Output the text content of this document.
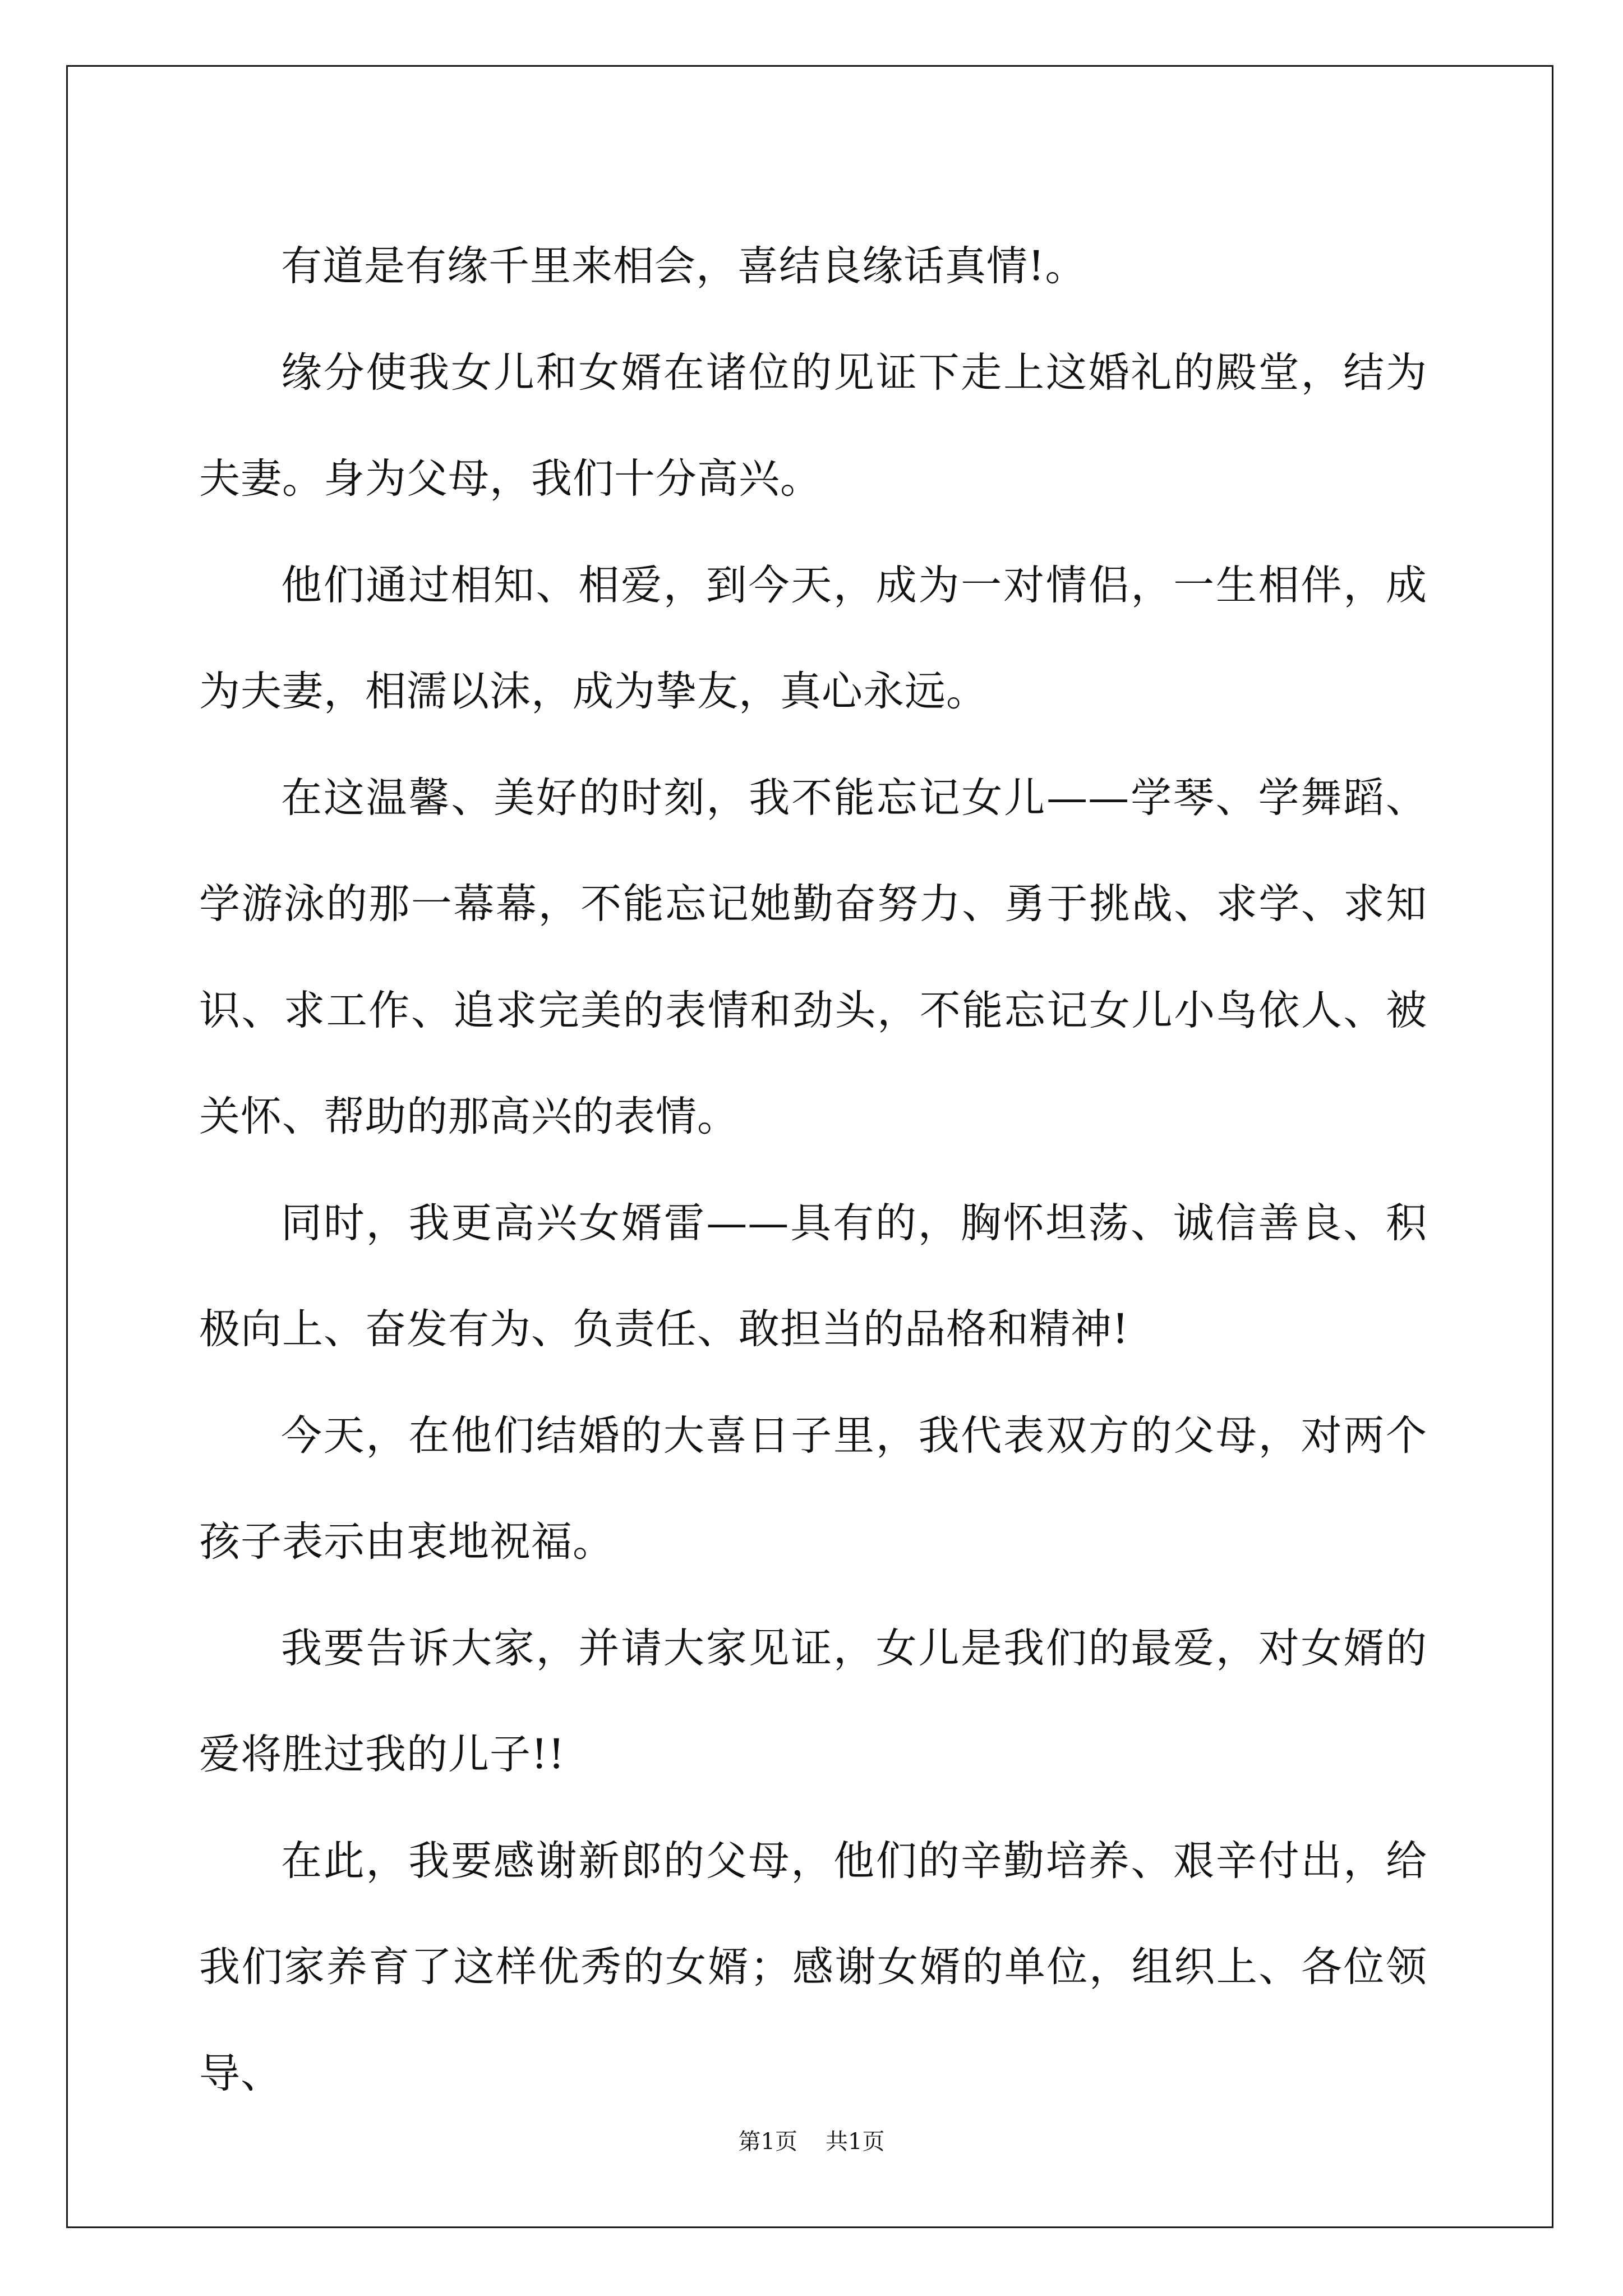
有道是有缘千里来相会，喜结良缘话真情!。

缘分使我女儿和女婿在诸位的见证下走上这婚礼的殿堂，结为夫妻。身为父母，我们十分高兴。

他们通过相知、相爱，到今天，成为一对情侣，一生相伴，成为夫妻，相濡以沫，成为挚友，真心永远。

在这温馨、美好的时刻，我不能忘记女儿——学琴、学舞蹈、学游泳的那一幕幕，不能忘记她勤奋努力、勇于挑战、求学、求知识、求工作、追求完美的表情和劲头，不能忘记女儿小鸟依人、被关怀、帮助的那高兴的表情。

同时，我更高兴女婿雷——具有的，胸怀坦荡、诚信善良、积极向上、奋发有为、负责任、敢担当的品格和精神!

今天，在他们结婚的大喜日子里，我代表双方的父母，对两个孩子表示由衷地祝福。

我要告诉大家，并请大家见证，女儿是我们的最爱，对女婿的爱将胜过我的儿子!!

在此，我要感谢新郎的父母，他们的辛勤培养、艰辛付出，给我们家养育了这样优秀的女婿；感谢女婿的单位，组织上、各位领导、

第1页 共1页
